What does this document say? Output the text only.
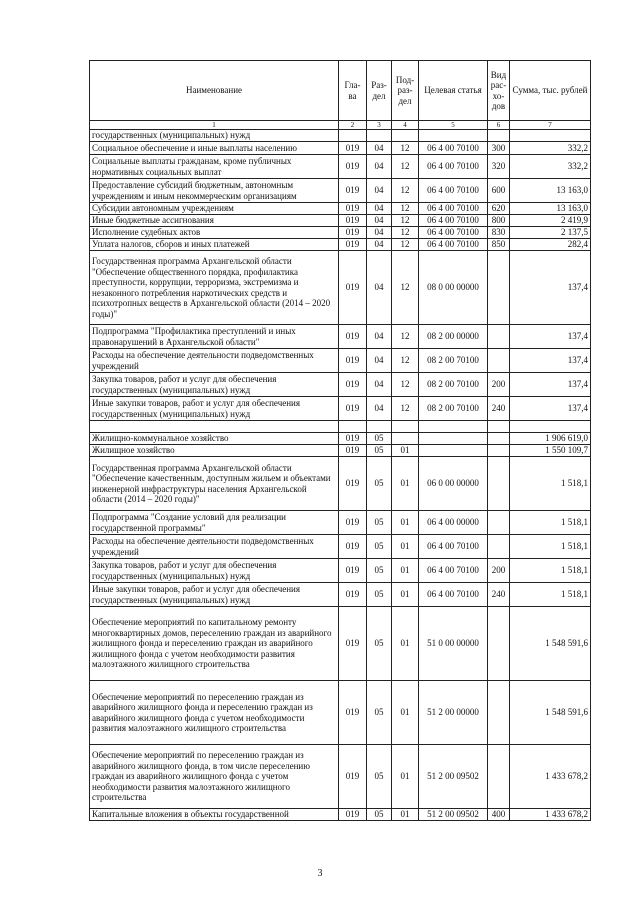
Наименование	Гла-ва	Раз-дел	Под-раз-дел	Целевая статья	Вид рас-хо-дов	Сумма, тыс. рублей
1	2	3	4	5	6	7
государственных (муниципальных) нужд						
Социальное обеспечение и иные выплаты населению	019	04	12	06 4 00 70100	300	332,2
Социальные выплаты гражданам, кроме публичных нормативных социальных выплат	019	04	12	06 4 00 70100	320	332,2
Предоставление субсидий бюджетным, автономным учреждениям и иным некоммерческим организациям	019	04	12	06 4 00 70100	600	13 163,0
Субсидии автономным учреждениям	019	04	12	06 4 00 70100	620	13 163,0
Иные бюджетные ассигнования	019	04	12	06 4 00 70100	800	2 419,9
Исполнение судебных актов	019	04	12	06 4 00 70100	830	2 137,5
Уплата налогов, сборов и иных платежей	019	04	12	06 4 00 70100	850	282,4
Государственная программа Архангельской области "Обеспечение общественного порядка, профилактика преступности, коррупции, терроризма, экстремизма и незаконного потребления наркотических средств и психотропных веществ в Архангельской области (2014 – 2020 годы)"	019	04	12	08 0 00 00000		137,4
Подпрограмма "Профилактика преступлений и иных правонарушений в Архангельской области"	019	04	12	08 2 00 00000		137,4
Расходы на обеспечение деятельности подведомственных учреждений	019	04	12	08 2 00 70100		137,4
Закупка товаров, работ и услуг для обеспечения государственных (муниципальных) нужд	019	04	12	08 2 00 70100	200	137,4
Иные закупки товаров, работ и услуг для обеспечения государственных (муниципальных) нужд	019	04	12	08 2 00 70100	240	137,4

Жилищно-коммунальное хозяйство	019	05				1 906 619,0
Жилищное хозяйство	019	05	01			1 550 109,7
Государственная программа Архангельской области "Обеспечение качественным, доступным жильем и объектами инженерной инфраструктуры населения Архангельской области (2014 – 2020 годы)"	019	05	01	06 0 00 00000		1 518,1
Подпрограмма "Создание условий для реализации государственной программы"	019	05	01	06 4 00 00000		1 518,1
Расходы на обеспечение деятельности подведомственных учреждений	019	05	01	06 4 00 70100		1 518,1
Закупка товаров, работ и услуг для обеспечения государственных (муниципальных) нужд	019	05	01	06 4 00 70100	200	1 518,1
Иные закупки товаров, работ и услуг для обеспечения государственных (муниципальных) нужд	019	05	01	06 4 00 70100	240	1 518,1
Обеспечение мероприятий по капитальному ремонту многоквартирных домов, переселению граждан из аварийного жилищного фонда и переселению граждан из аварийного жилищного фонда с учетом необходимости развития малоэтажного жилищного строительства	019	05	01	51 0 00 00000		1 548 591,6
Обеспечение мероприятий по переселению граждан из аварийного жилищного фонда и переселению граждан из аварийного жилищного фонда с учетом необходимости развития малоэтажного жилищного строительства	019	05	01	51 2 00 00000		1 548 591,6
Обеспечение мероприятий по переселению граждан из аварийного жилищного фонда, в том числе переселению граждан из аварийного жилищного фонда с учетом необходимости развития малоэтажного жилищного строительства	019	05	01	51 2 00 09502		1 433 678,2
Капитальные вложения в объекты государственной	019	05	01	51 2 00 09502	400	1 433 678,2
3
